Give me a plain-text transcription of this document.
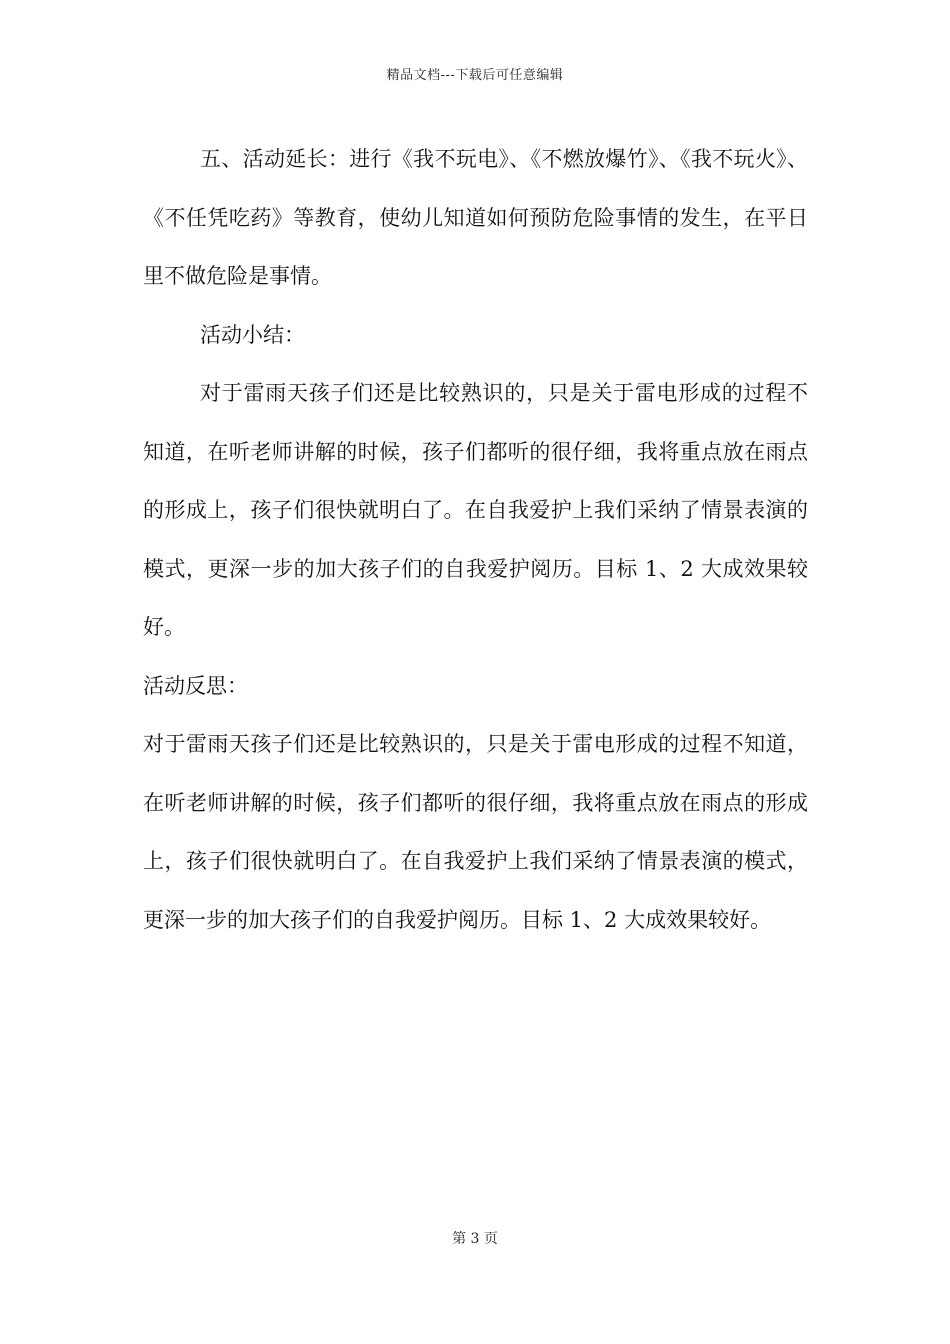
精品文档---下载后可任意编辑

五、活动延长：进行《我不玩电》、《不燃放爆竹》、《我不玩火》、《不任凭吃药》等教育，使幼儿知道如何预防危险事情的发生，在平日里不做危险是事情。

活动小结：

对于雷雨天孩子们还是比较熟识的，只是关于雷电形成的过程不知道，在听老师讲解的时候，孩子们都听的很仔细，我将重点放在雨点的形成上，孩子们很快就明白了。在自我爱护上我们采纳了情景表演的模式，更深一步的加大孩子们的自我爱护阅历。目标 1、2 大成效果较好。

活动反思：

对于雷雨天孩子们还是比较熟识的，只是关于雷电形成的过程不知道，在听老师讲解的时候，孩子们都听的很仔细，我将重点放在雨点的形成上，孩子们很快就明白了。在自我爱护上我们采纳了情景表演的模式，更深一步的加大孩子们的自我爱护阅历。目标 1、2 大成效果较好。

第 3 页
